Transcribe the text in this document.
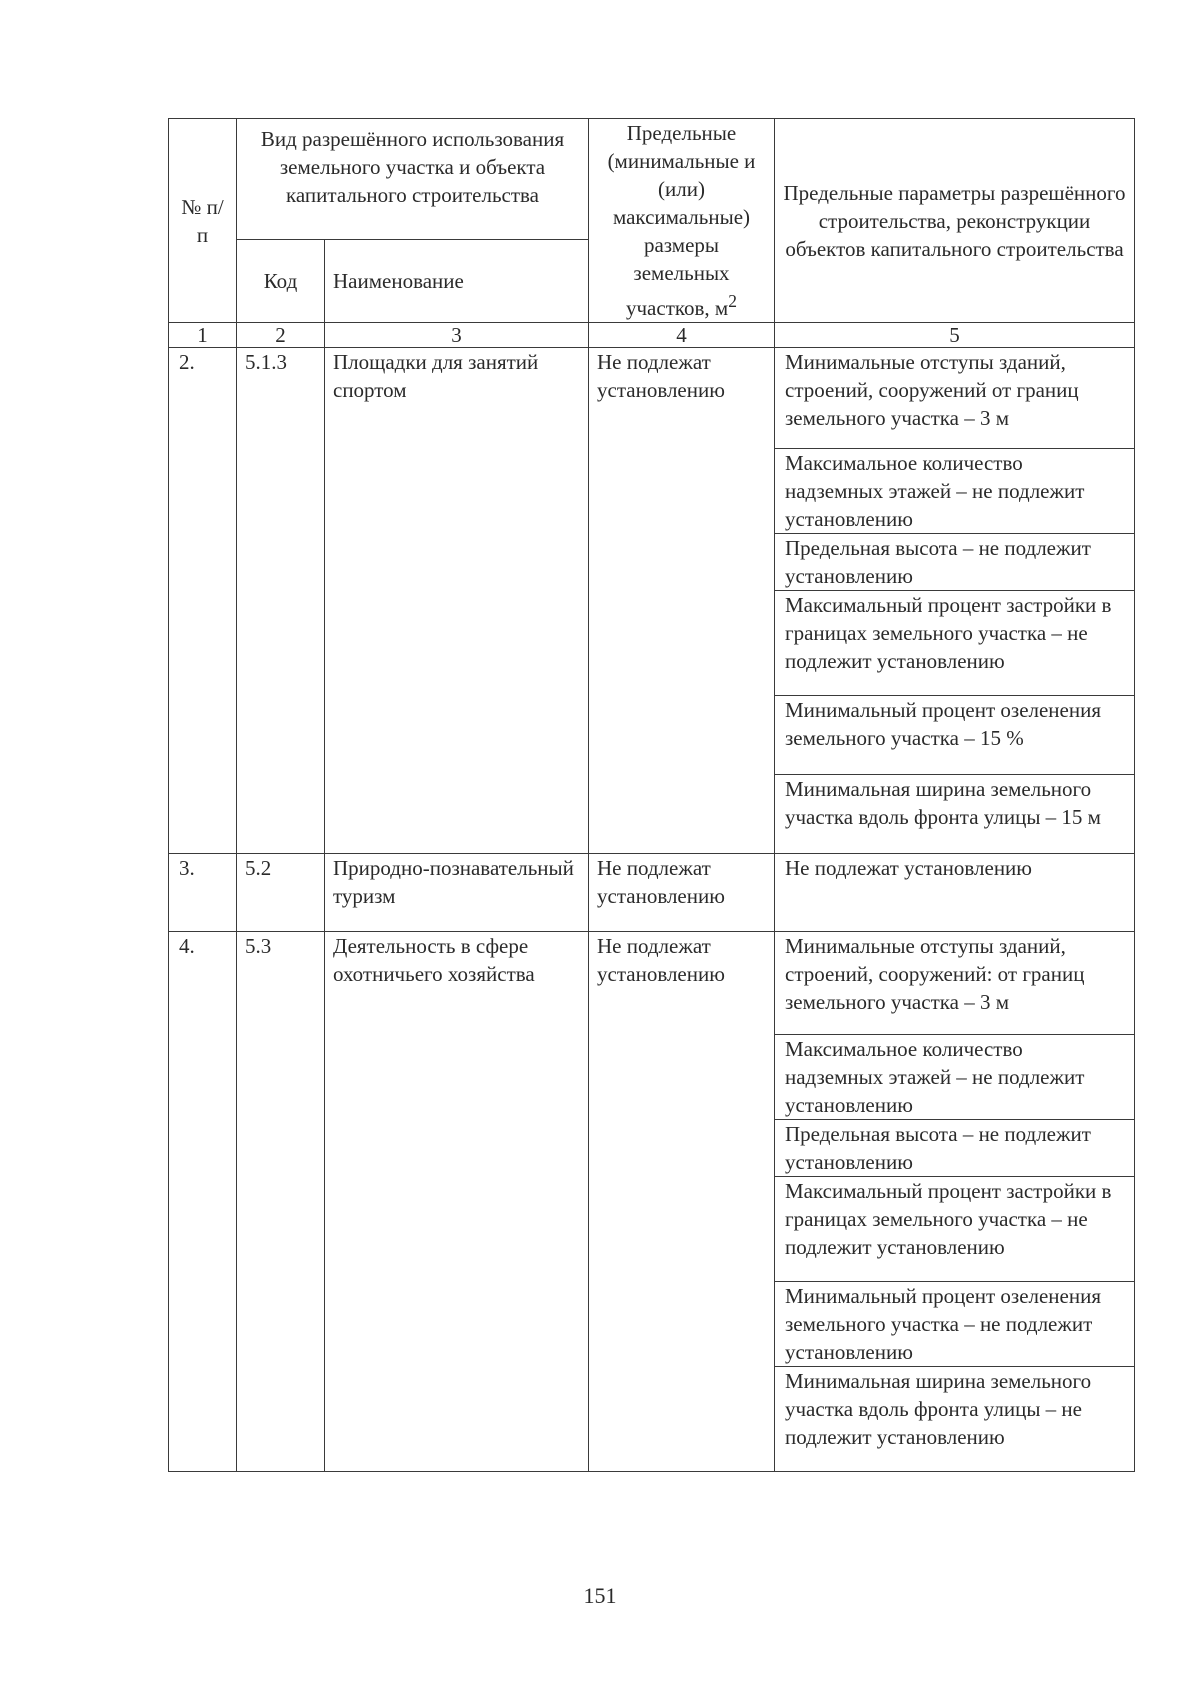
№ п/п	Вид разрешённого использования земельного участка и объекта капитального строительства		Предельные (минимальные и (или) максимальные) размеры земельных участков, $м^2$	Предельные параметры разрешённого строительства, реконструкции объектов капитального строительства
	Код	Наименование		
1	2	3	4	5
2.	5.1.3	Площадки для занятий спортом	Не подлежат установлению	Минимальные отступы зданий, строений, сооружений от границ земельного участка – 3 м
				Максимальное количество надземных этажей – не подлежит установлению
				Предельная высота – не подлежит установлению
				Максимальный процент застройки в границах земельного участка – не подлежит установлению
				Минимальный процент озеленения земельного участка – 15 %
				Минимальная ширина земельного участка вдоль фронта улицы – 15 м
3.	5.2	Природно-познавательный туризм	Не подлежат установлению	Не подлежат установлению
4.	5.3	Деятельность в сфере охотничьего хозяйства	Не подлежат установлению	Минимальные отступы зданий, строений, сооружений: от границ земельного участка – 3 м
				Максимальное количество надземных этажей – не подлежит установлению
				Предельная высота – не подлежит установлению
				Максимальный процент застройки в границах земельного участка – не подлежит установлению
				Минимальный процент озеленения земельного участка – не подлежит установлению
				Минимальная ширина земельного участка вдоль фронта улицы – не подлежит установлению
151
